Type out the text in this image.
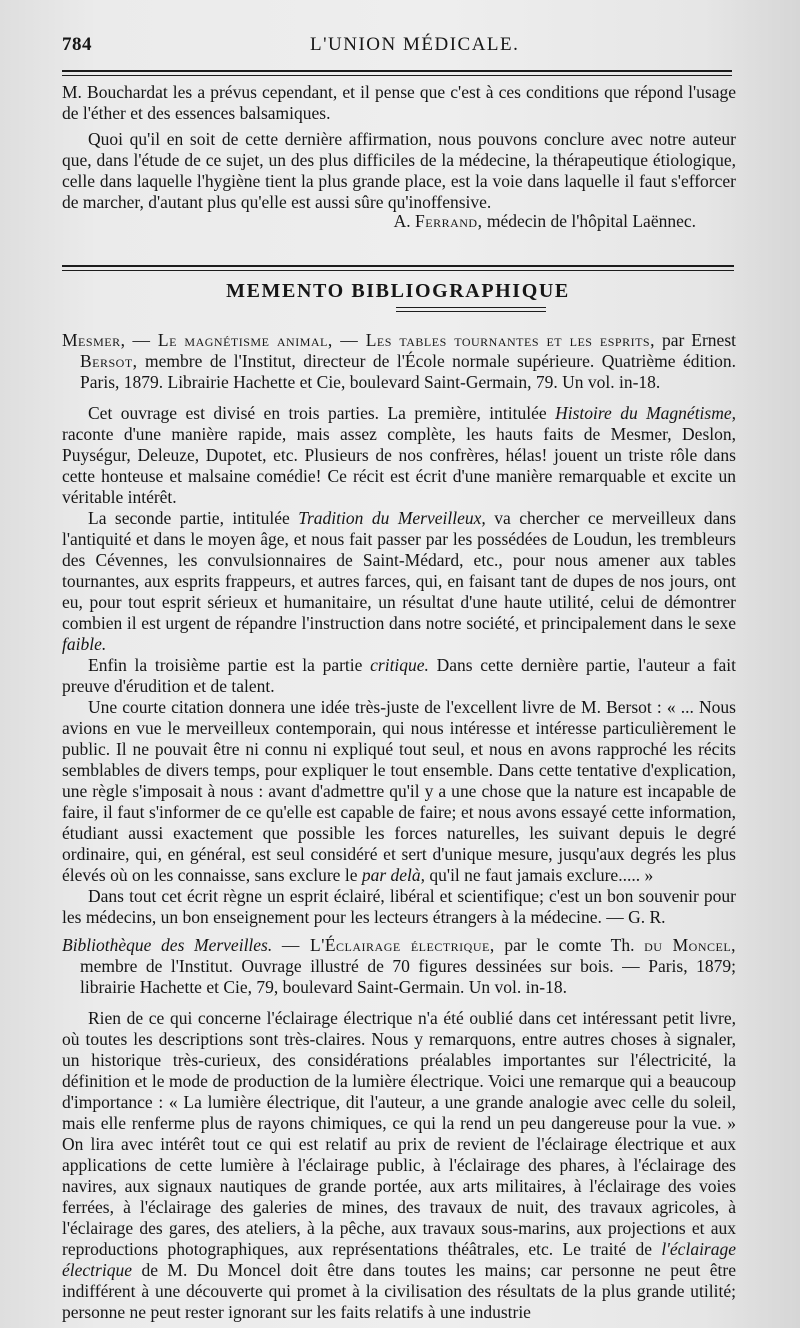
784	L'UNION MÉDICALE.

M. Bouchardat les a prévus cependant, et il pense que c'est à ces conditions que répond l'usage de l'éther et des essences balsamiques.

Quoi qu'il en soit de cette dernière affirmation, nous pouvons conclure avec notre auteur que, dans l'étude de ce sujet, un des plus difficiles de la médecine, la thérapeutique étiologique, celle dans laquelle l'hygiène tient la plus grande place, est la voie dans laquelle il faut s'efforcer de marcher, d'autant plus qu'elle est aussi sûre qu'inoffensive.

A. Ferrand, médecin de l'hôpital Laënnec.

MEMENTO BIBLIOGRAPHIQUE

Mesmer, — Le magnétisme animal, — Les tables tournantes et les esprits, par Ernest Bersot, membre de l'Institut, directeur de l'École normale supérieure. Quatrième édition. Paris, 1879. Librairie Hachette et Cie, boulevard Saint-Germain, 79. Un vol. in-18.

Cet ouvrage est divisé en trois parties. La première, intitulée Histoire du Magnétisme, raconte d'une manière rapide, mais assez complète, les hauts faits de Mesmer, Deslon, Puységur, Deleuze, Dupotet, etc. Plusieurs de nos confrères, hélas! jouent un triste rôle dans cette honteuse et malsaine comédie! Ce récit est écrit d'une manière remarquable et excite un véritable intérêt.

La seconde partie, intitulée Tradition du Merveilleux, va chercher ce merveilleux dans l'antiquité et dans le moyen âge, et nous fait passer par les possédées de Loudun, les trembleurs des Cévennes, les convulsionnaires de Saint-Médard, etc., pour nous amener aux tables tournantes, aux esprits frappeurs, et autres farces, qui, en faisant tant de dupes de nos jours, ont eu, pour tout esprit sérieux et humanitaire, un résultat d'une haute utilité, celui de démontrer combien il est urgent de répandre l'instruction dans notre société, et principalement dans le sexe faible.

Enfin la troisième partie est la partie critique. Dans cette dernière partie, l'auteur a fait preuve d'érudition et de talent.

Une courte citation donnera une idée très-juste de l'excellent livre de M. Bersot : « ... Nous avions en vue le merveilleux contemporain, qui nous intéresse et intéresse particulièrement le public. Il ne pouvait être ni connu ni expliqué tout seul, et nous en avons rapproché les récits semblables de divers temps, pour expliquer le tout ensemble. Dans cette tentative d'explication, une règle s'imposait à nous : avant d'admettre qu'il y a une chose que la nature est incapable de faire, il faut s'informer de ce qu'elle est capable de faire; et nous avons essayé cette information, étudiant aussi exactement que possible les forces naturelles, les suivant depuis le degré ordinaire, qui, en général, est seul considéré et sert d'unique mesure, jusqu'aux degrés les plus élevés où on les connaisse, sans exclure le par delà, qu'il ne faut jamais exclure..... »

Dans tout cet écrit règne un esprit éclairé, libéral et scientifique; c'est un bon souvenir pour les médecins, un bon enseignement pour les lecteurs étrangers à la médecine. — G. R.

Bibliothèque des Merveilles. — L'Éclairage électrique, par le comte Th. du Moncel, membre de l'Institut. Ouvrage illustré de 70 figures dessinées sur bois. — Paris, 1879; librairie Hachette et Cie, 79, boulevard Saint-Germain. Un vol. in-18.

Rien de ce qui concerne l'éclairage électrique n'a été oublié dans cet intéressant petit livre, où toutes les descriptions sont très-claires. Nous y remarquons, entre autres choses à signaler, un historique très-curieux, des considérations préalables importantes sur l'électricité, la définition et le mode de production de la lumière électrique. Voici une remarque qui a beaucoup d'importance : « La lumière électrique, dit l'auteur, a une grande analogie avec celle du soleil, mais elle renferme plus de rayons chimiques, ce qui la rend un peu dangereuse pour la vue. » On lira avec intérêt tout ce qui est relatif au prix de revient de l'éclairage électrique et aux applications de cette lumière à l'éclairage public, à l'éclairage des phares, à l'éclairage des navires, aux signaux nautiques de grande portée, aux arts militaires, à l'éclairage des voies ferrées, à l'éclairage des galeries de mines, des travaux de nuit, des travaux agricoles, à l'éclairage des gares, des ateliers, à la pêche, aux travaux sous-marins, aux projections et aux reproductions photographiques, aux représentations théâtrales, etc. Le traité de l'éclairage électrique de M. Du Moncel doit être dans toutes les mains; car personne ne peut être indifférent à une découverte qui promet à la civilisation des résultats de la plus grande utilité; personne ne peut rester ignorant sur les faits relatifs à une industrie
